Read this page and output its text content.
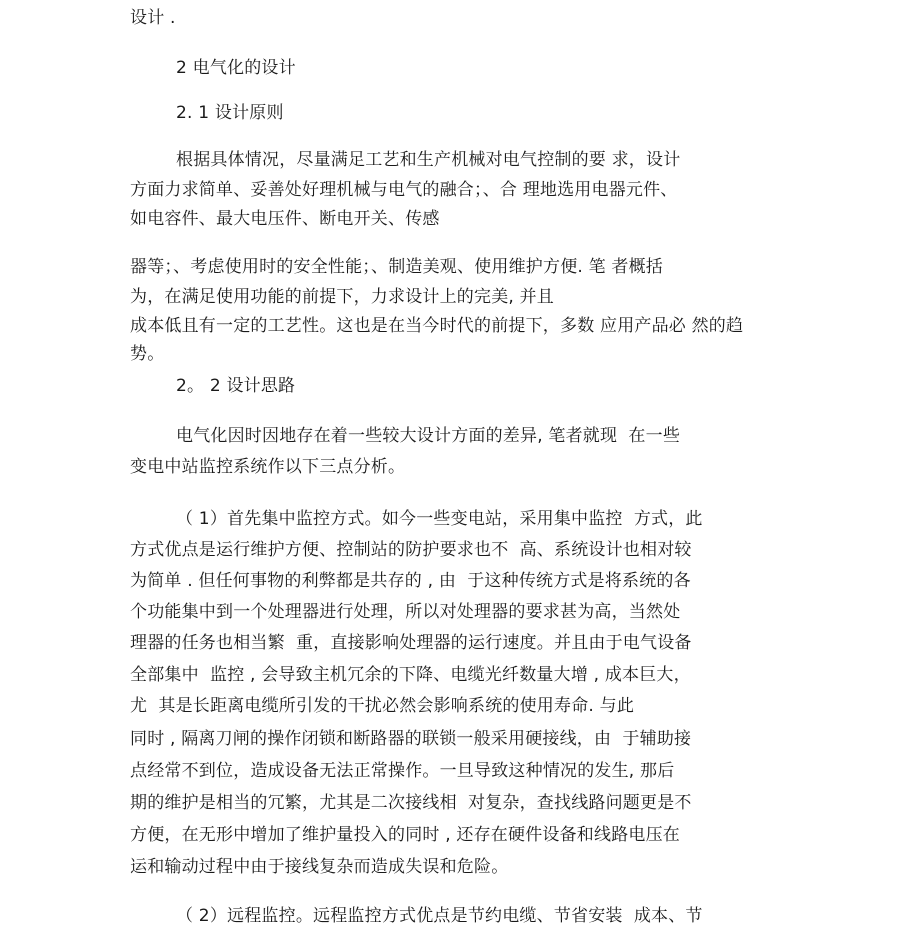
设计 .
2 电气化的设计
2. 1 设计原则
根据具体情况，尽量满足工艺和生产机械对电气控制的要 求，设计
方面力求简单、妥善处好理机械与电气的融合；、合 理地选用电器元件、
如电容件、最大电压件、断电开关、传感
器等；、考虑使用时的安全性能；、制造美观、使用维护方便. 笔 者概括
为，在满足使用功能的前提下，力求设计上的完美, 并且
成本低且有一定的工艺性。这也是在当今时代的前提下，多数 应用产品必 然的趋
势。
2。 2 设计思路
电气化因时因地存在着一些较大设计方面的差异, 笔者就现  在一些
变电中站监控系统作以下三点分析。
（ 1）首先集中监控方式。如今一些变电站，采用集中监控  方式，此
方式优点是运行维护方便、控制站的防护要求也不  高、系统设计也相对较
为简单 . 但任何事物的利弊都是共存的 , 由  于这种传统方式是将系统的各
个功能集中到一个处理器进行处理，所以对处理器的要求甚为高，当然处
理器的任务也相当繁  重，直接影响处理器的运行速度。并且由于电气设备
全部集中  监控 , 会导致主机冗余的下降、电缆光纤数量大增 , 成本巨大，
尤  其是长距离电缆所引发的干扰必然会影响系统的使用寿命. 与此
同时 , 隔离刀闸的操作闭锁和断路器的联锁一般采用硬接线，由  于辅助接
点经常不到位，造成设备无法正常操作。一旦导致这种情况的发生, 那后
期的维护是相当的冗繁，尤其是二次接线相  对复杂，查找线路问题更是不
方便，在无形中增加了维护量投入的同时 , 还存在硬件设备和线路电压在
运和输动过程中由于接线复杂而造成失误和危险。
（ 2）远程监控。远程监控方式优点是节约电缆、节省安装  成本、节
